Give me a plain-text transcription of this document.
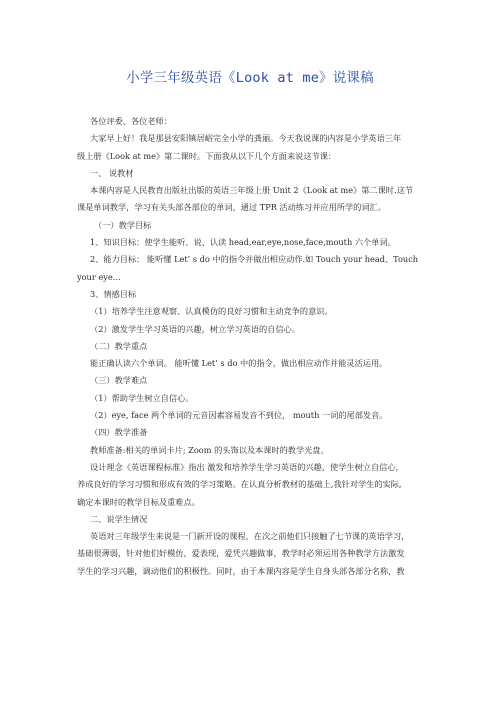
小学三年级英语《Look at me》说课稿
各位评委、各位老师：
大家早上好！我是那县安阳镇居峪完全小学的龚丽。今天我说课的内容是小学英语三年
级上册《Look at me》第二课时。下面我从以下几个方面来说这节课：
一、 说教材
本课内容是人民教育出版社出版的英语三年级上册 Unit 2《Look at me》第二课时.这节
课是单词教学，学习有关头部各部位的单词，通过 TPR 活动练习并应用所学的词汇。
（一）教学目标
1、知识目标：使学生能听、说、认读 head,ear,eye,nose,face,mouth 六个单词。
2、能力目标： 能听懂 Let’ s do 中的指令并做出相应动作.如 Touch your head、Touch
your eye…
3、情感目标
（1）培养学生注意观察、认真模仿的良好习惯和主动竞争的意识。
（2）激发学生学习英语的兴趣，树立学习英语的自信心。
（二）教学重点
能正确认读六个单词。 能听懂 Let’ s do 中的指令，做出相应动作并能灵活运用。
（三）教学难点
（1）帮助学生树立自信心。
（2）eye, face 两个单词的元音因素容易发音不到位， mouth 一词的尾部发音。
（四）教学准备
教师准备:相关的单词卡片; Zoom 的头饰以及本课时的教学光盘。
设计理念《英语课程标准》指出 激发和培养学生学习英语的兴趣，使学生树立自信心，
养成良好的学习习惯和形成有效的学习策略。在认真分析教材的基础上,我针对学生的实际,
确定本课时的教学目标及重难点。
二、说学生情况
英语对三年级学生来说是一门新开设的课程，在次之前他们只接触了七节课的英语学习，
基础很薄弱，针对他们好模仿，爱表现，爱凭兴趣做事，教学时必须运用各种教学方法激发
学生的学习兴趣，调动他们的积极性。同时，由于本课内容是学生自身头部各部分名称，教
